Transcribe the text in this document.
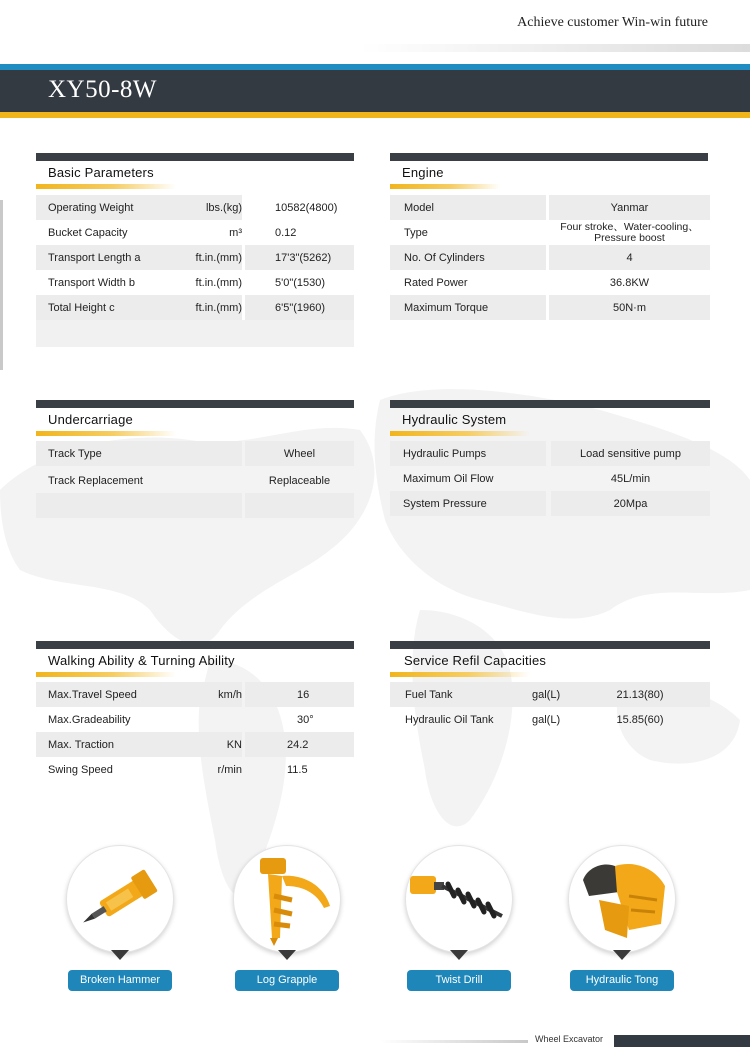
Achieve customer Win-win future
XY50-8W
Basic Parameters
Operating Weight	lbs.(kg)	10582(4800)
Bucket Capacity	m³	0.12
Transport Length a	ft.in.(mm)	17'3"(5262)
Transport Width b	ft.in.(mm)	5'0"(1530)
Total Height c	ft.in.(mm)	6'5"(1960)
Engine
Model	Yanmar
Type	Four stroke、Water-cooling、
Pressure boost
No. Of Cylinders	4
Rated Power	36.8KW
Maximum Torque	50N·m
Undercarriage
Track Type	Wheel
Track Replacement	Replaceable
Hydraulic System
Hydraulic Pumps	Load sensitive pump
Maximum Oil Flow	45L/min
System Pressure	20Mpa
Walking Ability & Turning Ability
Max.Travel Speed	km/h	16
Max.Gradeability	30°
Max. Traction	KN	24.2
Swing Speed	r/min	11.5
Service Refil Capacities
Fuel Tank	gal(L)	21.13(80)
Hydraulic Oil Tank	gal(L)	15.85(60)
Broken Hammer	Log Grapple	Twist Drill	Hydraulic Tong
Wheel Excavator
